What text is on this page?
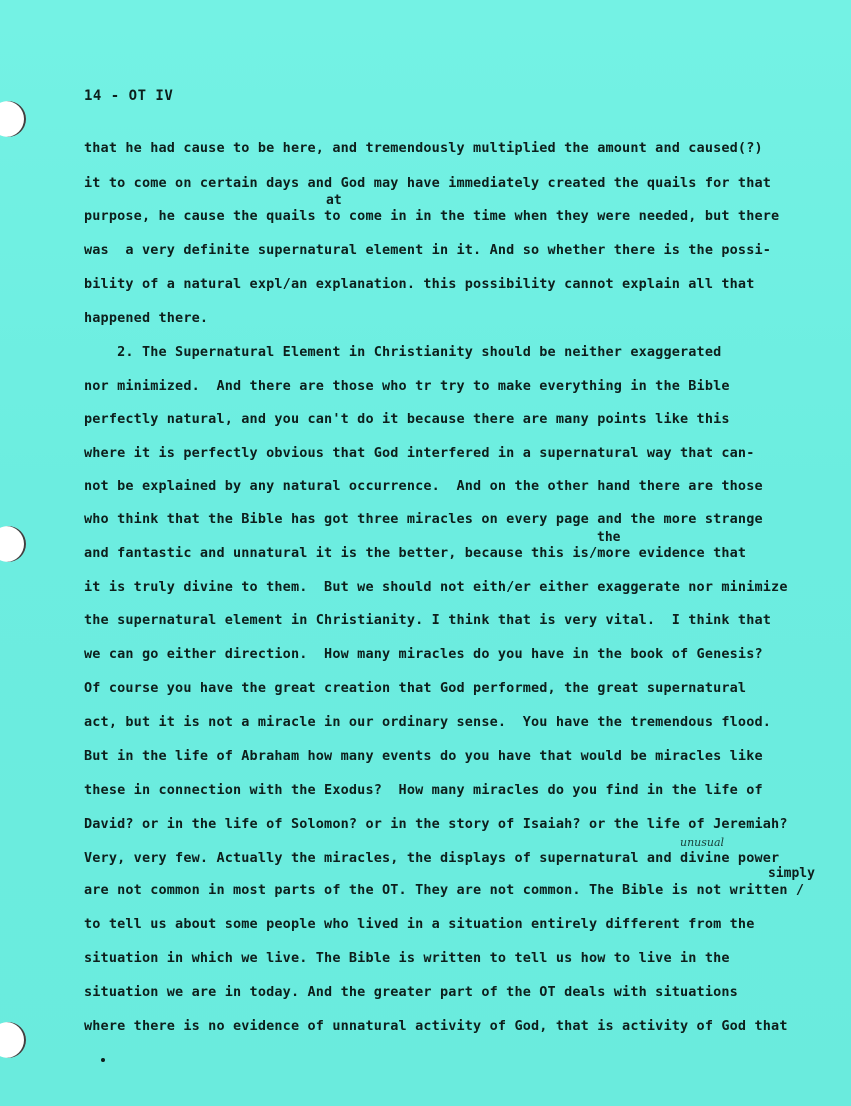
14 - OT IV
that he had cause to be here, and tremendously multiplied the amount and caused(?)
it to come on certain days and God may have immediately created the quails for that
at
purpose, he cause the quails to come in in the time when they were needed, but there
was  a very definite supernatural element in it. And so whether there is the possi-
bility of a natural expl/an explanation. this possibility cannot explain all that
happened there.
2. The Supernatural Element in Christianity should be neither exaggerated
nor minimized.  And there are those who tr try to make everything in the Bible
perfectly natural, and you can't do it because there are many points like this
where it is perfectly obvious that God interfered in a supernatural way that can-
not be explained by any natural occurrence.  And on the other hand there are those
who think that the Bible has got three miracles on every page and the more strange
the
and fantastic and unnatural it is the better, because this is/more evidence that
it is truly divine to them.  But we should not eith/er either exaggerate nor minimize
the supernatural element in Christianity. I think that is very vital.  I think that
we can go either direction.  How many miracles do you have in the book of Genesis?
Of course you have the great creation that God performed, the great supernatural
act, but it is not a miracle in our ordinary sense.  You have the tremendous flood.
But in the life of Abraham how many events do you have that would be miracles like
these in connection with the Exodus?  How many miracles do you find in the life of
David? or in the life of Solomon? or in the story of Isaiah? or the life of Jeremiah?
unusual
Very, very few. Actually the miracles, the displays of supernatural and divine power
simply
are not common in most parts of the OT. They are not common. The Bible is not written /
to tell us about some people who lived in a situation entirely different from the
situation in which we live. The Bible is written to tell us how to live in the
situation we are in today. And the greater part of the OT deals with situations
where there is no evidence of unnatural activity of God, that is activity of God that
